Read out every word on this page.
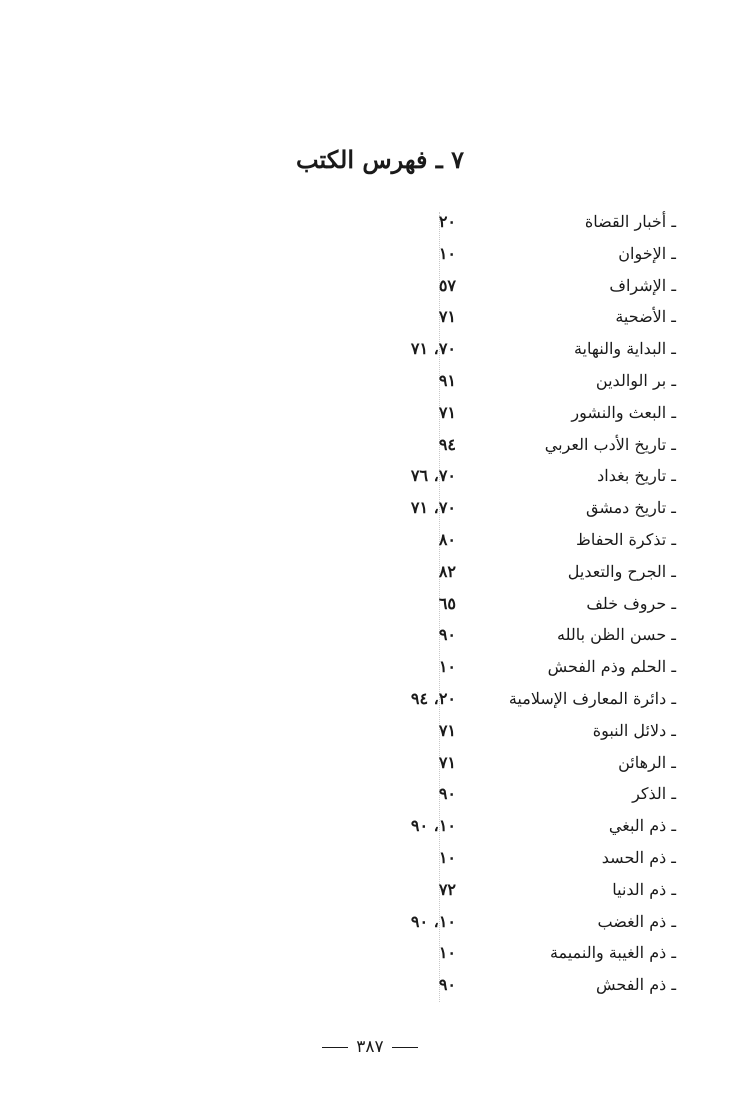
٧ ـ فهرس الكتب
ـ أخبار القضاة
٢٠
ـ الإخوان
١٠
ـ الإشراف
٥٧
ـ الأضحية
٧١
ـ البداية والنهاية
٧٠، ٧١
ـ بر الوالدين
٩١
ـ البعث والنشور
٧١
ـ تاريخ الأدب العربي
٩٤
ـ تاريخ بغداد
٧٠، ٧٦
ـ تاريخ دمشق
٧٠، ٧١
ـ تذكرة الحفاظ
٨٠
ـ الجرح والتعديل
٨٢
ـ حروف خلف
٦٥
ـ حسن الظن بالله
٩٠
ـ الحلم وذم الفحش
١٠
ـ دائرة المعارف الإسلامية
٢٠، ٩٤
ـ دلائل النبوة
٧١
ـ الرهائن
٧١
ـ الذكر
٩٠
ـ ذم البغي
١٠، ٩٠
ـ ذم الحسد
١٠
ـ ذم الدنيا
٧٢
ـ ذم الغضب
١٠، ٩٠
ـ ذم الغيبة والنميمة
١٠
ـ ذم الفحش
٩٠
٣٨٧
